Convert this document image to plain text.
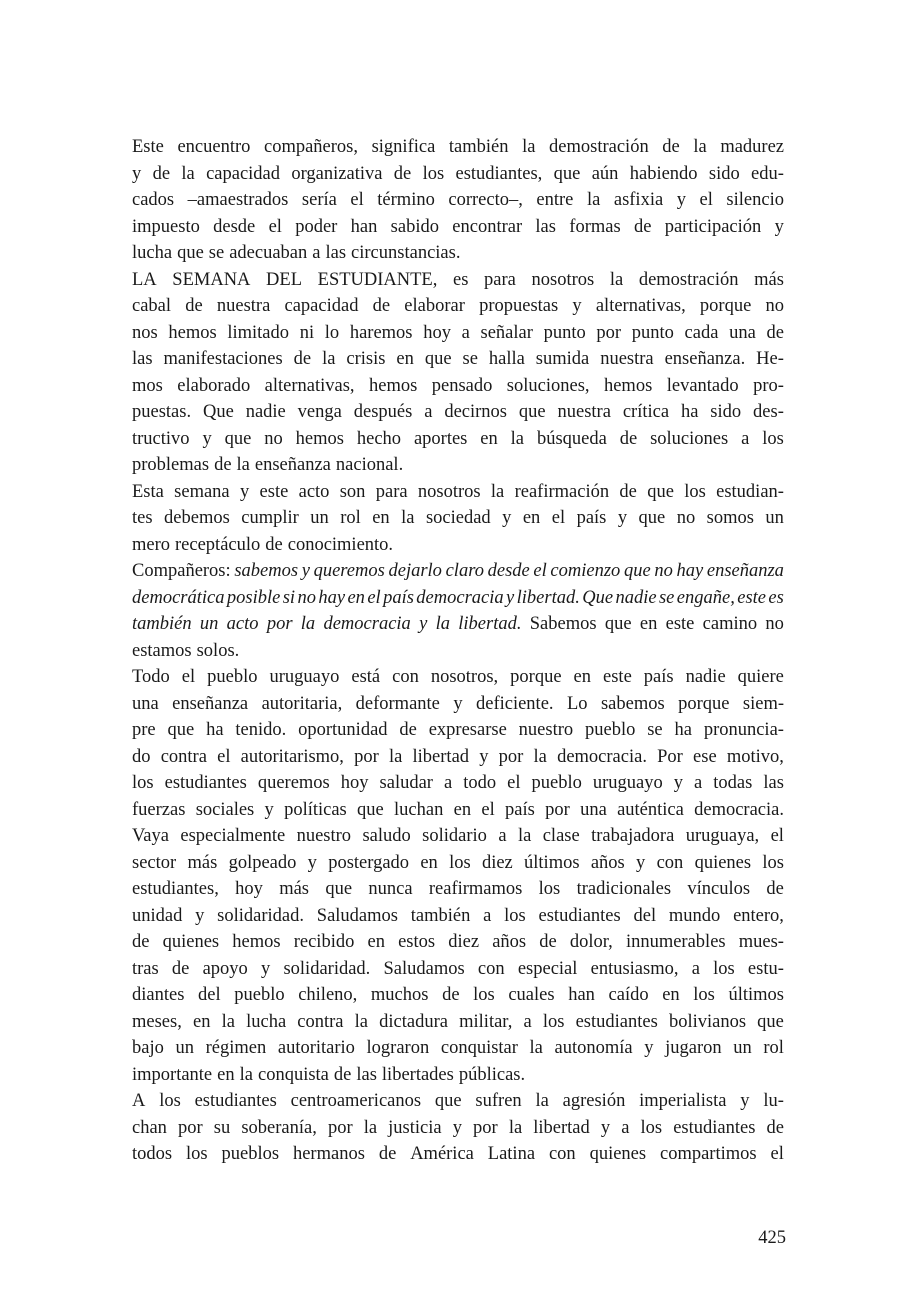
Este encuentro compañeros, significa también la demostración de la madurez
y de la capacidad organizativa de los estudiantes, que aún habiendo sido edu-
cados –amaestrados sería el término correcto–, entre la asfixia y el silencio
impuesto desde el poder han sabido encontrar las formas de participación y
lucha que se adecuaban a las circunstancias.
LA SEMANA DEL ESTUDIANTE, es para nosotros la demostración más
cabal de nuestra capacidad de elaborar propuestas y alternativas, porque no
nos hemos limitado ni lo haremos hoy a señalar punto por punto cada una de
las manifestaciones de la crisis en que se halla sumida nuestra enseñanza. He-
mos elaborado alternativas, hemos pensado soluciones, hemos levantado pro-
puestas. Que nadie venga después a decirnos que nuestra crítica ha sido des-
tructivo y que no hemos hecho aportes en la búsqueda de soluciones a los
problemas de la enseñanza nacional.
Esta semana y este acto son para nosotros la reafirmación de que los estudian-
tes debemos cumplir un rol en la sociedad y en el país y que no somos un
mero receptáculo de conocimiento.
Compañeros: sabemos y queremos dejarlo claro desde el comienzo que no hay enseñanza
democrática posible si no hay en el país democracia y libertad. Que nadie se engañe, este es
también un acto por la democracia y la libertad. Sabemos que en este camino no
estamos solos.
Todo el pueblo uruguayo está con nosotros, porque en este país nadie quiere
una enseñanza autoritaria, deformante y deficiente. Lo sabemos porque siem-
pre que ha tenido. oportunidad de expresarse nuestro pueblo se ha pronuncia-
do contra el autoritarismo, por la libertad y por la democracia. Por ese motivo,
los estudiantes queremos hoy saludar a todo el pueblo uruguayo y a todas las
fuerzas sociales y políticas que luchan en el país por una auténtica democracia.
Vaya especialmente nuestro saludo solidario a la clase trabajadora uruguaya, el
sector más golpeado y postergado en los diez últimos años y con quienes los
estudiantes, hoy más que nunca reafirmamos los tradicionales vínculos de
unidad y solidaridad. Saludamos también a los estudiantes del mundo entero,
de quienes hemos recibido en estos diez años de dolor, innumerables mues-
tras de apoyo y solidaridad. Saludamos con especial entusiasmo, a los estu-
diantes del pueblo chileno, muchos de los cuales han caído en los últimos
meses, en la lucha contra la dictadura militar, a los estudiantes bolivianos que
bajo un régimen autoritario lograron conquistar la autonomía y jugaron un rol
importante en la conquista de las libertades públicas.
A los estudiantes centroamericanos que sufren la agresión imperialista y lu-
chan por su soberanía, por la justicia y por la libertad y a los estudiantes de
todos los pueblos hermanos de América Latina con quienes compartimos el
425
